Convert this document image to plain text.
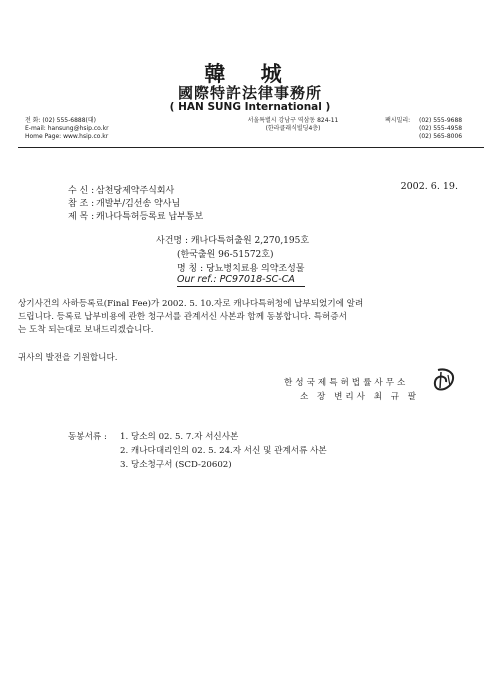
韓 城
國際特許法律事務所
( HAN SUNG International )
전 화: (02) 555-6888(대)
E-mail: hansung@hsip.co.kr
Home Page: www.hsip.co.kr
서울특별시 강남구 역삼동 824-11
(한라클래식빌딩4층)
팩시밀리:	(02) 555-9688
(02) 555-4958
(02) 565-8006
수 신 : 삼천당제약주식회사	2002. 6. 19.
참 조 : 개발부/김선송 약사님
제 목 : 캐나다특허등록료 납부통보
사건명 : 캐나다특허출원 2,270,195호
(한국출원 96-51572호)
명 칭 : 당뇨병치료용 의약조성물
Our ref.: PC97018-SC-CA
상기사건의 사하등록료(Final Fee)가 2002. 5. 10.자로 캐나다특허청에 납부되었기에 알려
드립니다. 등록료 납부비용에 관한 청구서를 관계서신 사본과 함께 동봉합니다. 특허증서
는 도착 되는대로 보내드리겠습니다.
귀사의 발전을 기원합니다.
한성국제특허법률사무소
소 장 변리사 최 규 팔
동봉서류 : 1. 당소의 02. 5. 7.자 서신사본
2. 캐나다대리인의 02. 5. 24.자 서신 및 관계서류 사본
3. 당소청구서 (SCD-20602)
